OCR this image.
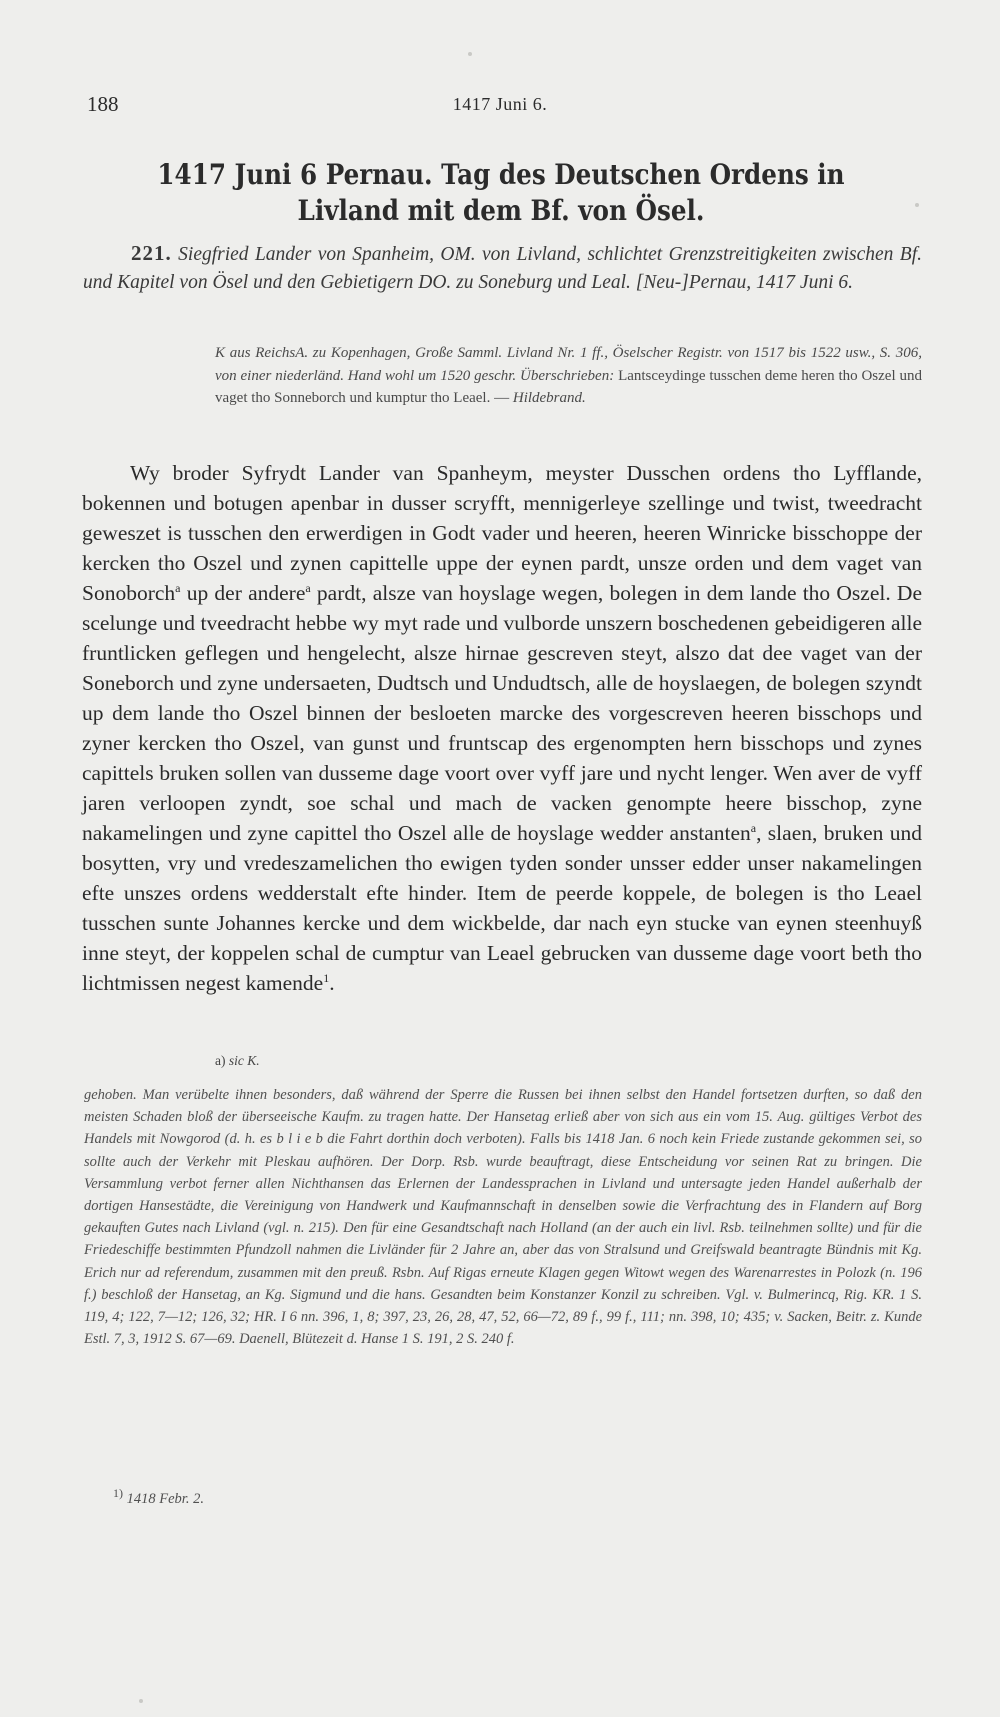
188	1417 Juni 6.
1417 Juni 6 Pernau. Tag des Deutschen Ordens in Livland mit dem Bf. von Ösel.
221. Siegfried Lander von Spanheim, OM. von Livland, schlichtet Grenzstreitigkeiten zwischen Bf. und Kapitel von Ösel und den Gebietigern DO. zu Soneburg und Leal. [Neu-]Pernau, 1417 Juni 6.
K aus ReichsA. zu Kopenhagen, Große Samml. Livland Nr. 1 ff., Öselscher Registr. von 1517 bis 1522 usw., S. 306, von einer niederländ. Hand wohl um 1520 geschr. Überschrieben: Lantsceydinge tusschen deme heren tho Oszel und vaget tho Sonneborch und kumptur tho Leael. — Hildebrand.
Wy broder Syfrydt Lander van Spanheym, meyster Dusschen ordens tho Lyfflande, bokennen und botugen apenbar in dusser scryfft, mennigerleye szellinge und twist, tweedracht geweszet is tusschen den erwerdigen in Godt vader und heeren, heeren Winricke bisschoppe der kercken tho Oszel und zynen capittelle uppe der eynen pardt, unsze orden und dem vaget van Sonoborch$^a$ up der andere$^a$ pardt, alsze van hoyslage wegen, bolegen in dem lande tho Oszel. De scelunge und tveedracht hebbe wy myt rade und vulborde unszern boschedenen gebeidigeren alle fruntlicken geflegen und hengelecht, alsze hirnae gescreven steyt, alszo dat dee vaget van der Soneborch und zyne undersaeten, Dudtsch und Undudtsch, alle de hoyslaegen, de bolegen szyndt up dem lande tho Oszel binnen der besloeten marcke des vorgescreven heeren bisschops und zyner kercken tho Oszel, van gunst und fruntscap des ergenompten hern bisschops und zynes capittels bruken sollen van dusseme dage voort over vyff jare und nycht lenger. Wen aver de vyff jaren verloopen zyndt, soe schal und mach de vacken genompte heere bisschop, zyne nakamelingen und zyne capittel tho Oszel alle de hoyslage wedder anstanten$^a$, slaen, bruken und bosytten, vry und vredeszamelichen tho ewigen tyden sonder unsser edder unser nakamelingen efte unszes ordens wedderstalt efte hinder. Item de peerde koppele, de bolegen is tho Leael tusschen sunte Johannes kercke und dem wickbelde, dar nach eyn stucke van eynen steenhuyß inne steyt, der koppelen schal de cumptur van Leael gebrucken van dusseme dage voort beth tho lichtmissen negest kamende$^1$.
a) sic K.
gehoben. Man verübelte ihnen besonders, daß während der Sperre die Russen bei ihnen selbst den Handel fortsetzen durften, so daß den meisten Schaden bloß der überseeische Kaufm. zu tragen hatte. Der Hansetag erließ aber von sich aus ein vom 15. Aug. gültiges Verbot des Handels mit Nowgorod (d. h. es b l i e b die Fahrt dorthin doch verboten). Falls bis 1418 Jan. 6 noch kein Friede zustande gekommen sei, so sollte auch der Verkehr mit Pleskau aufhören. Der Dorp. Rsb. wurde beauftragt, diese Entscheidung vor seinen Rat zu bringen. Die Versammlung verbot ferner allen Nichthansen das Erlernen der Landessprachen in Livland und untersagte jeden Handel außerhalb der dortigen Hansestädte, die Vereinigung von Handwerk und Kaufmannschaft in denselben sowie die Verfrachtung des in Flandern auf Borg gekauften Gutes nach Livland (vgl. n. 215). Den für eine Gesandtschaft nach Holland (an der auch ein livl. Rsb. teilnehmen sollte) und für die Friedeschiffe bestimmten Pfundzoll nahmen die Livländer für 2 Jahre an, aber das von Stralsund und Greifswald beantragte Bündnis mit Kg. Erich nur ad referendum, zusammen mit den preuß. Rsbn. Auf Rigas erneute Klagen gegen Witowt wegen des Warenarrestes in Polozk (n. 196 f.) beschloß der Hansetag, an Kg. Sigmund und die hans. Gesandten beim Konstanzer Konzil zu schreiben. Vgl. v. Bulmerincq, Rig. KR. 1 S. 119, 4; 122, 7—12; 126, 32; HR. I 6 nn. 396, 1, 8; 397, 23, 26, 28, 47, 52, 66—72, 89 f., 99 f., 111; nn. 398, 10; 435; v. Sacken, Beitr. z. Kunde Estl. 7, 3, 1912 S. 67—69. Daenell, Blütezeit d. Hanse 1 S. 191, 2 S. 240 f.
$^{1)}$ 1418 Febr. 2.
